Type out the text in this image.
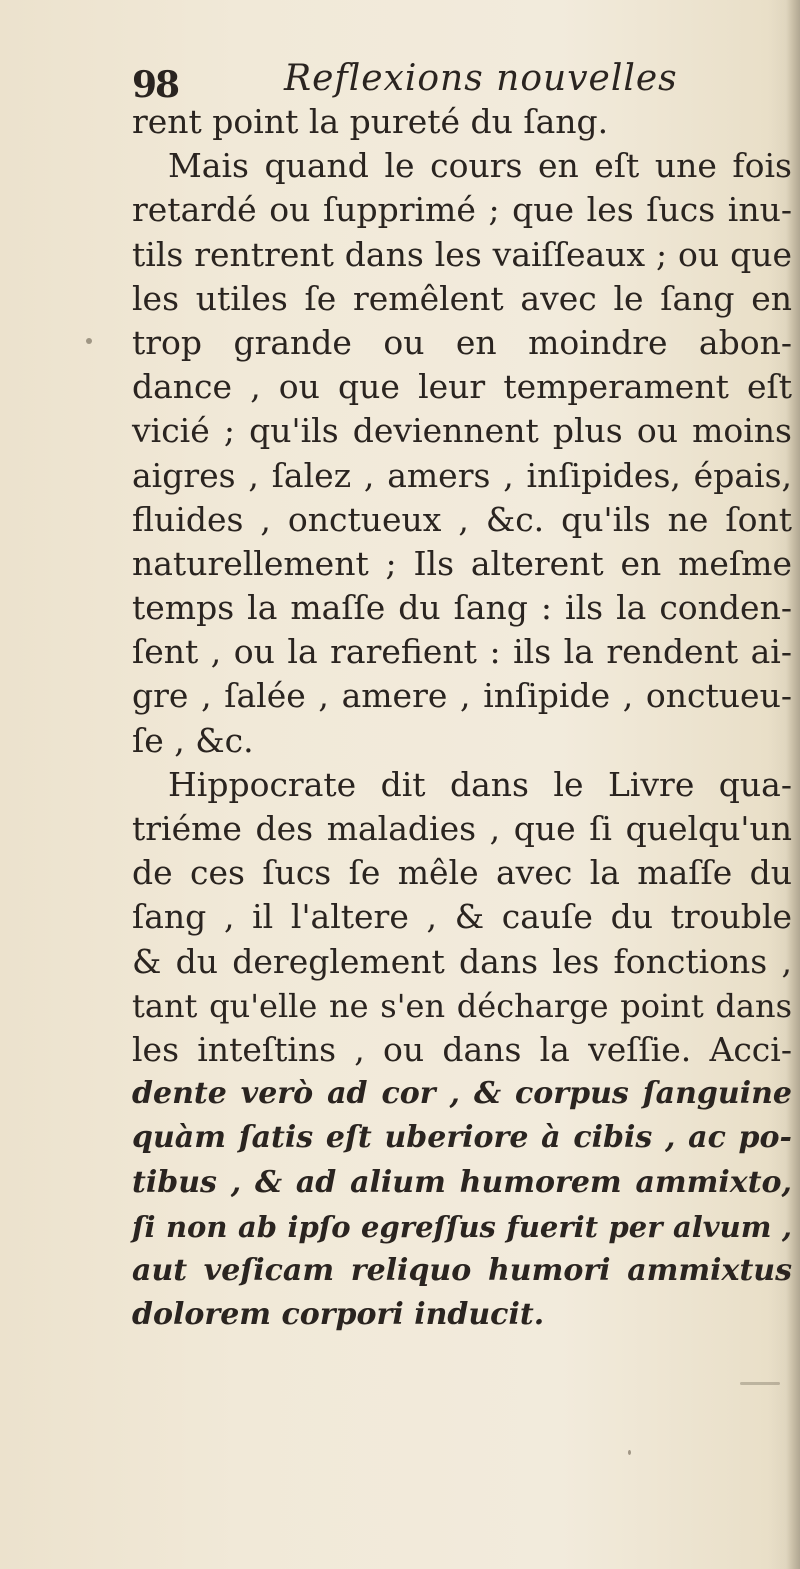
98	Reflexions nouvelles
rent point la pureté du ſang.
Mais quand le cours en eſt une fois
retardé ou ſupprimé ; que les ſucs inu-
tils rentrent dans les vaiſſeaux ; ou que
les utiles ſe remêlent avec le ſang en
trop grande ou en moindre abon-
dance , ou que leur temperament eſt
vicié ; qu'ils deviennent plus ou moins
aigres , ſalez , amers , inſipides, épais,
fluides , onctueux , &c. qu'ils ne ſont
naturellement ; Ils alterent en meſme
temps la maſſe du ſang : ils la conden-
ſent , ou la rarefient : ils la rendent ai-
gre , ſalée , amere , inſipide , onctueu-
ſe , &c.
Hippocrate dit dans le Livre qua-
triéme des maladies , que ſi quelqu'un
de ces ſucs ſe mêle avec la maſſe du
ſang , il l'altere , & cauſe du trouble
& du dereglement dans les fonctions ,
tant qu'elle ne s'en décharge point dans
les inteſtins , ou dans la veſſie. Acci-
dente verò ad cor , & corpus ſanguine
quàm ſatis eſt uberiore à cibis , ac po-
tibus , & ad alium humorem ammixto,
ſi non ab ipſo egreſſus fuerit per alvum ,
aut veſicam reliquo humori ammixtus
dolorem corpori inducit.
